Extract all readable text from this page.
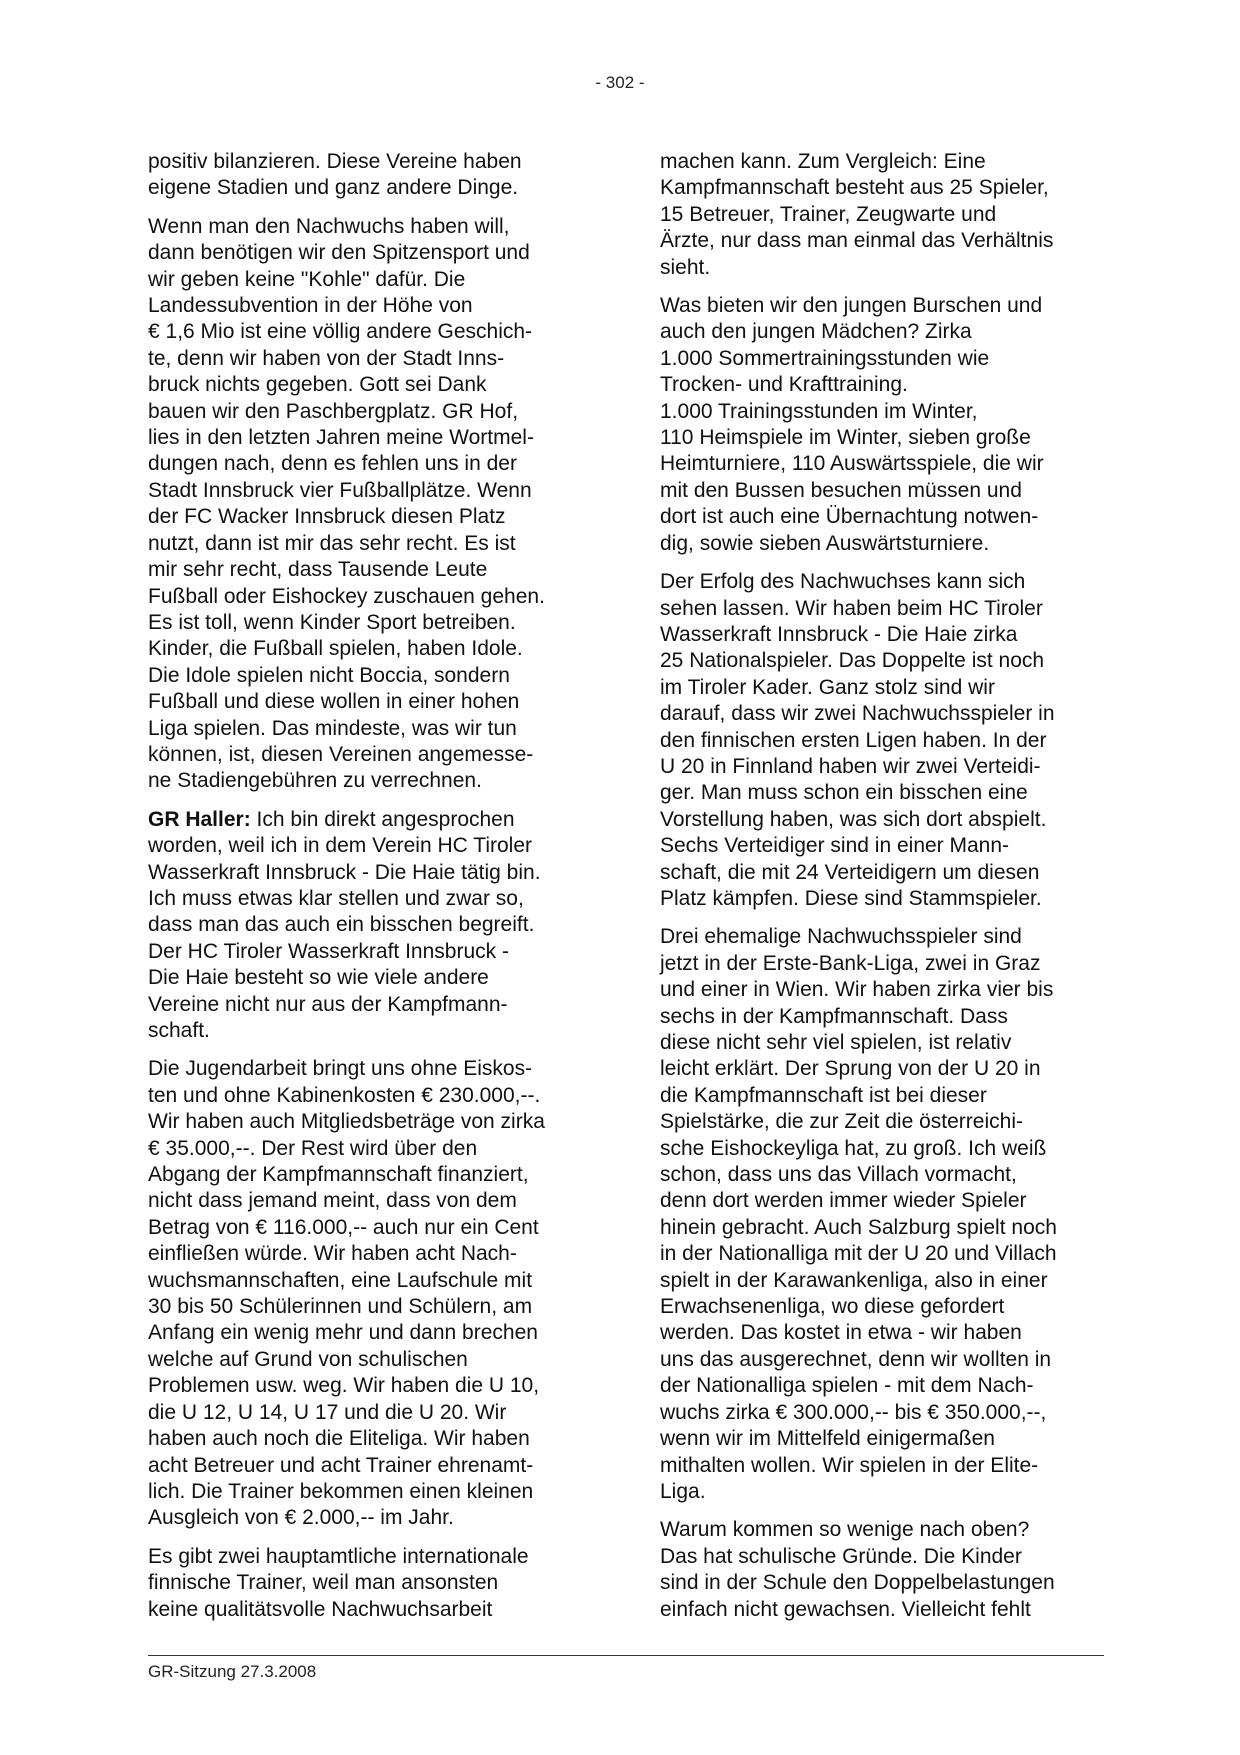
- 302 -

positiv bilanzieren. Diese Vereine haben
eigene Stadien und ganz andere Dinge.

Wenn man den Nachwuchs haben will,
dann benötigen wir den Spitzensport und
wir geben keine "Kohle" dafür. Die
Landessubvention in der Höhe von
€ 1,6 Mio ist eine völlig andere Geschich-
te, denn wir haben von der Stadt Inns-
bruck nichts gegeben. Gott sei Dank
bauen wir den Paschbergplatz. GR Hof,
lies in den letzten Jahren meine Wortmel-
dungen nach, denn es fehlen uns in der
Stadt Innsbruck vier Fußballplätze. Wenn
der FC Wacker Innsbruck diesen Platz
nutzt, dann ist mir das sehr recht. Es ist
mir sehr recht, dass Tausende Leute
Fußball oder Eishockey zuschauen gehen.
Es ist toll, wenn Kinder Sport betreiben.
Kinder, die Fußball spielen, haben Idole.
Die Idole spielen nicht Boccia, sondern
Fußball und diese wollen in einer hohen
Liga spielen. Das mindeste, was wir tun
können, ist, diesen Vereinen angemesse-
ne Stadiengebühren zu verrechnen.

GR Haller: Ich bin direkt angesprochen
worden, weil ich in dem Verein HC Tiroler
Wasserkraft Innsbruck - Die Haie tätig bin.
Ich muss etwas klar stellen und zwar so,
dass man das auch ein bisschen begreift.
Der HC Tiroler Wasserkraft Innsbruck -
Die Haie besteht so wie viele andere
Vereine nicht nur aus der Kampfmann-
schaft.

Die Jugendarbeit bringt uns ohne Eiskos-
ten und ohne Kabinenkosten € 230.000,--.
Wir haben auch Mitgliedsbeträge von zirka
€ 35.000,--. Der Rest wird über den
Abgang der Kampfmannschaft finanziert,
nicht dass jemand meint, dass von dem
Betrag von € 116.000,-- auch nur ein Cent
einfließen würde. Wir haben acht Nach-
wuchsmannschaften, eine Laufschule mit
30 bis 50 Schülerinnen und Schülern, am
Anfang ein wenig mehr und dann brechen
welche auf Grund von schulischen
Problemen usw. weg. Wir haben die U 10,
die U 12, U 14, U 17 und die U 20. Wir
haben auch noch die Eliteliga. Wir haben
acht Betreuer und acht Trainer ehrenamt-
lich. Die Trainer bekommen einen kleinen
Ausgleich von € 2.000,-- im Jahr.

Es gibt zwei hauptamtliche internationale
finnische Trainer, weil man ansonsten
keine qualitätsvolle Nachwuchsarbeit

machen kann. Zum Vergleich: Eine
Kampfmannschaft besteht aus 25 Spieler,
15 Betreuer, Trainer, Zeugwarte und
Ärzte, nur dass man einmal das Verhältnis
sieht.

Was bieten wir den jungen Burschen und
auch den jungen Mädchen? Zirka
1.000 Sommertrainingsstunden wie
Trocken- und Krafttraining.
1.000 Trainingsstunden im Winter,
110 Heimspiele im Winter, sieben große
Heimturniere, 110 Auswärtsspiele, die wir
mit den Bussen besuchen müssen und
dort ist auch eine Übernachtung notwen-
dig, sowie sieben Auswärtsturniere.

Der Erfolg des Nachwuchses kann sich
sehen lassen. Wir haben beim HC Tiroler
Wasserkraft Innsbruck - Die Haie zirka
25 Nationalspieler. Das Doppelte ist noch
im Tiroler Kader. Ganz stolz sind wir
darauf, dass wir zwei Nachwuchsspieler in
den finnischen ersten Ligen haben. In der
U 20 in Finnland haben wir zwei Verteidi-
ger. Man muss schon ein bisschen eine
Vorstellung haben, was sich dort abspielt.
Sechs Verteidiger sind in einer Mann-
schaft, die mit 24 Verteidigern um diesen
Platz kämpfen. Diese sind Stammspieler.

Drei ehemalige Nachwuchsspieler sind
jetzt in der Erste-Bank-Liga, zwei in Graz
und einer in Wien. Wir haben zirka vier bis
sechs in der Kampfmannschaft. Dass
diese nicht sehr viel spielen, ist relativ
leicht erklärt. Der Sprung von der U 20 in
die Kampfmannschaft ist bei dieser
Spielstärke, die zur Zeit die österreichi-
sche Eishockeyliga hat, zu groß. Ich weiß
schon, dass uns das Villach vormacht,
denn dort werden immer wieder Spieler
hinein gebracht. Auch Salzburg spielt noch
in der Nationalliga mit der U 20 und Villach
spielt in der Karawankenliga, also in einer
Erwachsenenliga, wo diese gefordert
werden. Das kostet in etwa - wir haben
uns das ausgerechnet, denn wir wollten in
der Nationalliga spielen - mit dem Nach-
wuchs zirka € 300.000,-- bis € 350.000,--,
wenn wir im Mittelfeld einigermaßen
mithalten wollen. Wir spielen in der Elite-
Liga.

Warum kommen so wenige nach oben?
Das hat schulische Gründe. Die Kinder
sind in der Schule den Doppelbelastungen
einfach nicht gewachsen. Vielleicht fehlt

GR-Sitzung 27.3.2008
